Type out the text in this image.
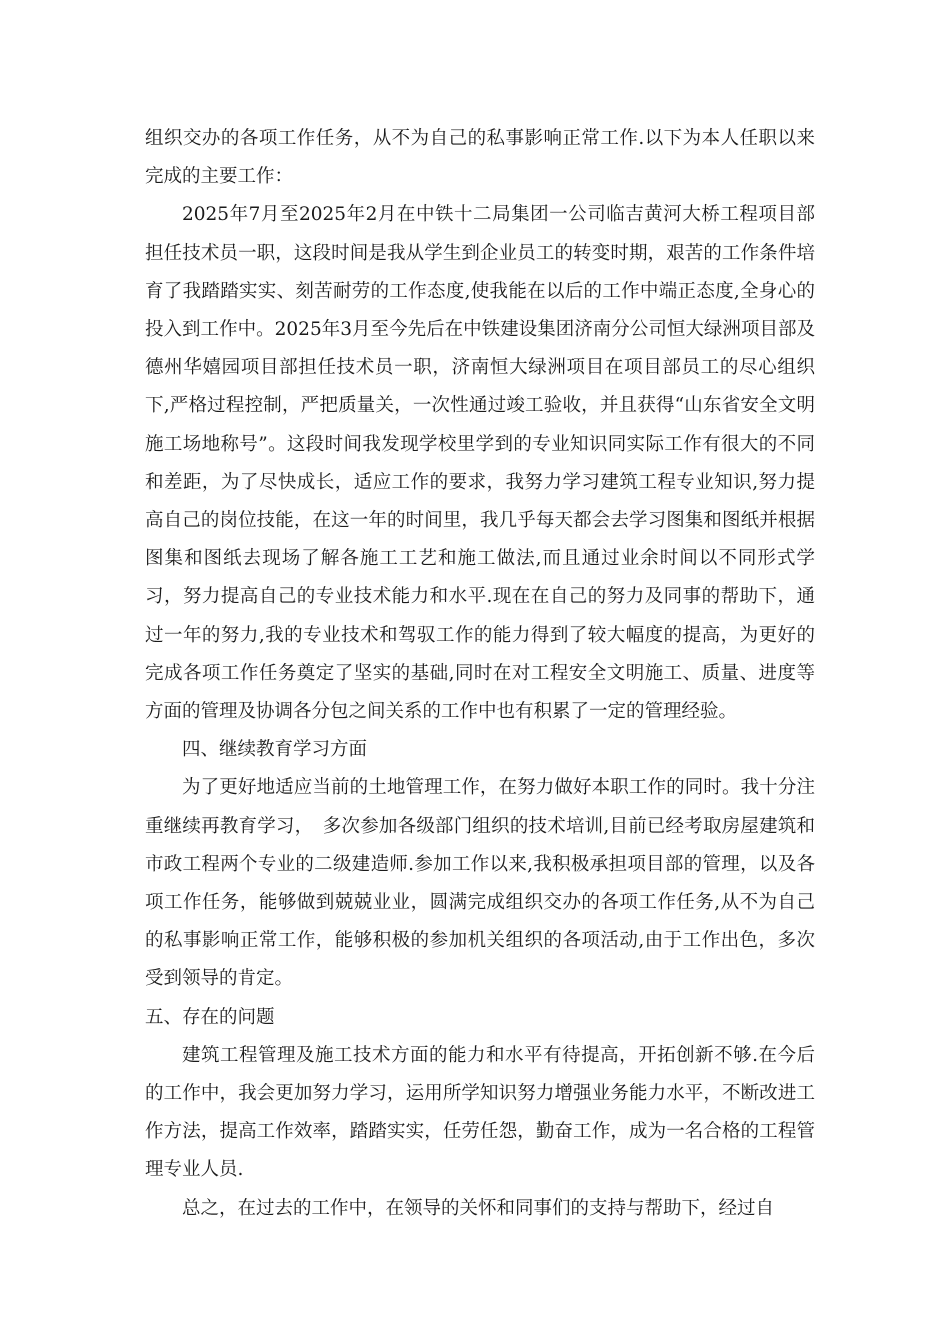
组织交办的各项工作任务，从不为自己的私事影响正常工作.以下为本人任职以来完成的主要工作：

2025年7月至2025年2月在中铁十二局集团一公司临吉黄河大桥工程项目部担任技术员一职，这段时间是我从学生到企业员工的转变时期，艰苦的工作条件培育了我踏踏实实、刻苦耐劳的工作态度,使我能在以后的工作中端正态度,全身心的投入到工作中。2025年3月至今先后在中铁建设集团济南分公司恒大绿洲项目部及德州华嬉园项目部担任技术员一职，济南恒大绿洲项目在项目部员工的尽心组织下,严格过程控制，严把质量关，一次性通过竣工验收，并且获得“山东省安全文明施工场地称号”。这段时间我发现学校里学到的专业知识同实际工作有很大的不同和差距，为了尽快成长，适应工作的要求，我努力学习建筑工程专业知识,努力提高自己的岗位技能，在这一年的时间里，我几乎每天都会去学习图集和图纸并根据图集和图纸去现场了解各施工工艺和施工做法,而且通过业余时间以不同形式学习，努力提高自己的专业技术能力和水平.现在在自己的努力及同事的帮助下，通过一年的努力,我的专业技术和驾驭工作的能力得到了较大幅度的提高，为更好的完成各项工作任务奠定了坚实的基础,同时在对工程安全文明施工、质量、进度等方面的管理及协调各分包之间关系的工作中也有积累了一定的管理经验。

四、继续教育学习方面

为了更好地适应当前的土地管理工作，在努力做好本职工作的同时。我十分注重继续再教育学习，　多次参加各级部门组织的技术培训,目前已经考取房屋建筑和市政工程两个专业的二级建造师.参加工作以来,我积极承担项目部的管理，以及各项工作任务，能够做到兢兢业业，圆满完成组织交办的各项工作任务,从不为自己的私事影响正常工作，能够积极的参加机关组织的各项活动,由于工作出色，多次受到领导的肯定。

五、存在的问题

建筑工程管理及施工技术方面的能力和水平有待提高，开拓创新不够.在今后的工作中，我会更加努力学习，运用所学知识努力增强业务能力水平，不断改进工作方法，提高工作效率，踏踏实实，任劳任怨，勤奋工作，成为一名合格的工程管理专业人员.

总之，在过去的工作中，在领导的关怀和同事们的支持与帮助下，经过自
